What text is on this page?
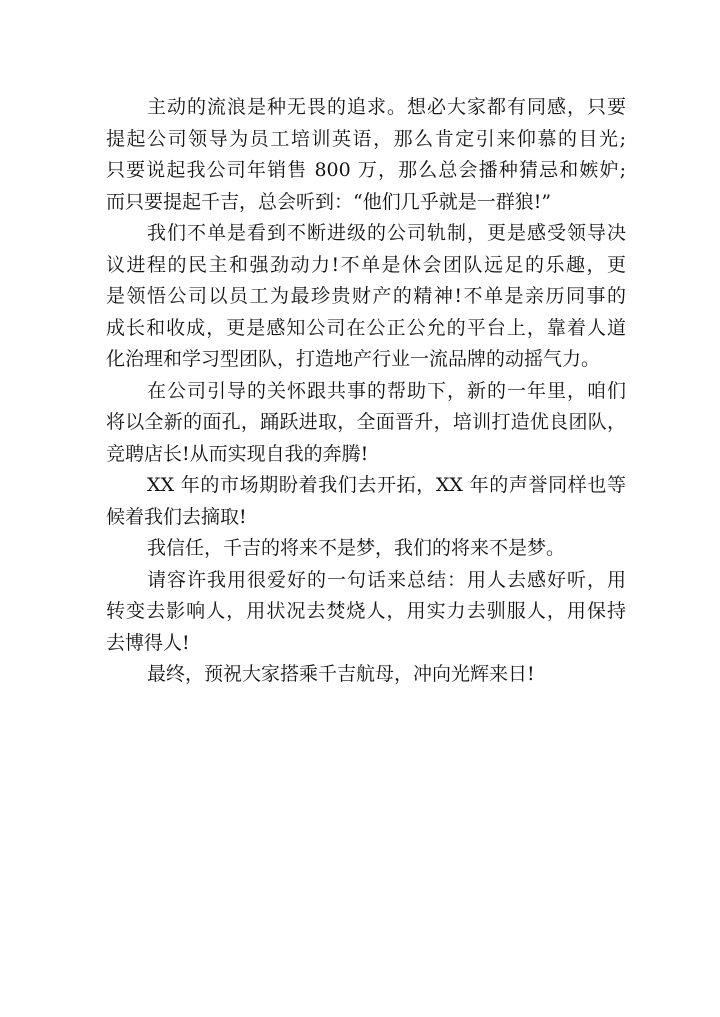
主动的流浪是种无畏的追求。想必大家都有同感，只要
提起公司领导为员工培训英语，那么肯定引来仰慕的目光;
只要说起我公司年销售 800 万，那么总会播种猜忌和嫉妒;
而只要提起千吉，总会听到：“他们几乎就是一群狼!”
我们不单是看到不断进级的公司轨制，更是感受领导决
议进程的民主和强劲动力!不单是休会团队远足的乐趣，更
是领悟公司以员工为最珍贵财产的精神!不单是亲历同事的
成长和收成，更是感知公司在公正公允的平台上，靠着人道
化治理和学习型团队，打造地产行业一流品牌的动摇气力。
在公司引导的关怀跟共事的帮助下，新的一年里，咱们
将以全新的面孔，踊跃进取，全面晋升，培训打造优良团队，
竞聘店长!从而实现自我的奔腾!
XX 年的市场期盼着我们去开拓，XX 年的声誉同样也等
候着我们去摘取!
我信任，千吉的将来不是梦，我们的将来不是梦。
请容许我用很爱好的一句话来总结：用人去感好听，用
转变去影响人，用状况去焚烧人，用实力去驯服人，用保持
去博得人!
最终，预祝大家搭乘千吉航母，冲向光辉来日!
